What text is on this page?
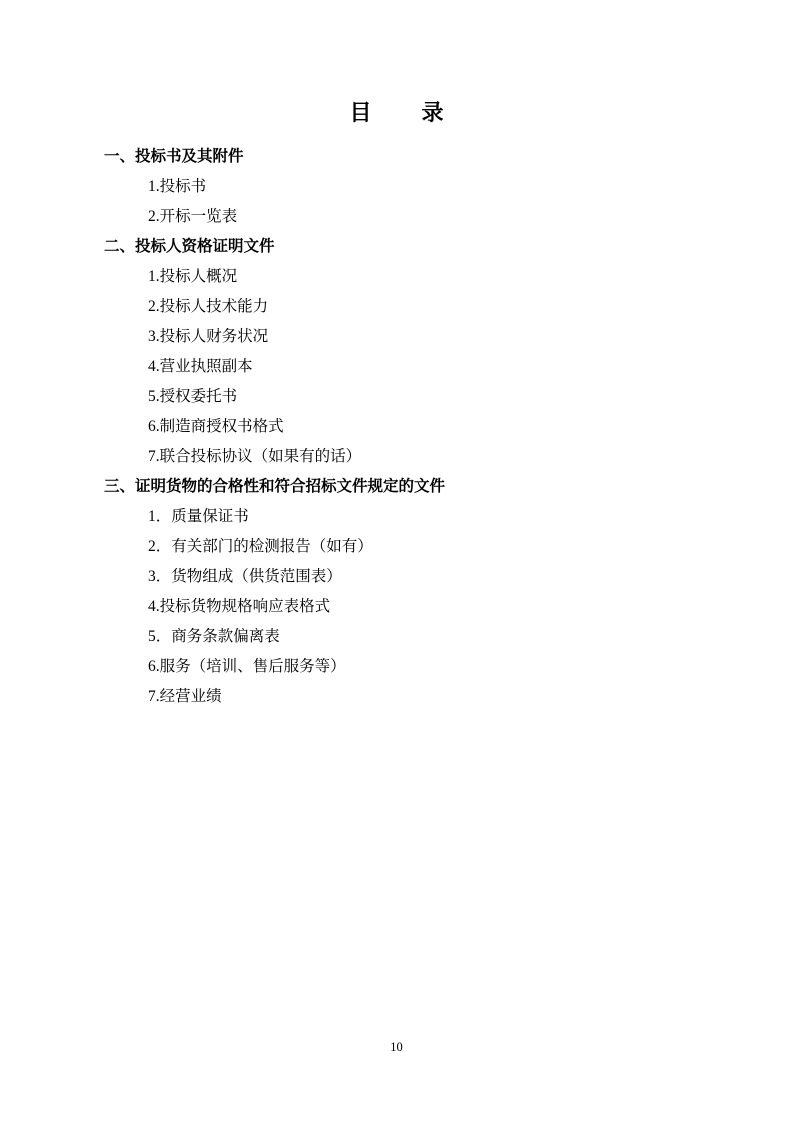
目　录
一、投标书及其附件
1.投标书
2.开标一览表
二、投标人资格证明文件
1.投标人概况
2.投标人技术能力
3.投标人财务状况
4.营业执照副本
5.授权委托书
6.制造商授权书格式
7.联合投标协议（如果有的话）
三、证明货物的合格性和符合招标文件规定的文件
1．质量保证书
2．有关部门的检测报告（如有）
3．货物组成（供货范围表）
4.投标货物规格响应表格式
5．商务条款偏离表
6.服务（培训、售后服务等）
7.经营业绩
10
